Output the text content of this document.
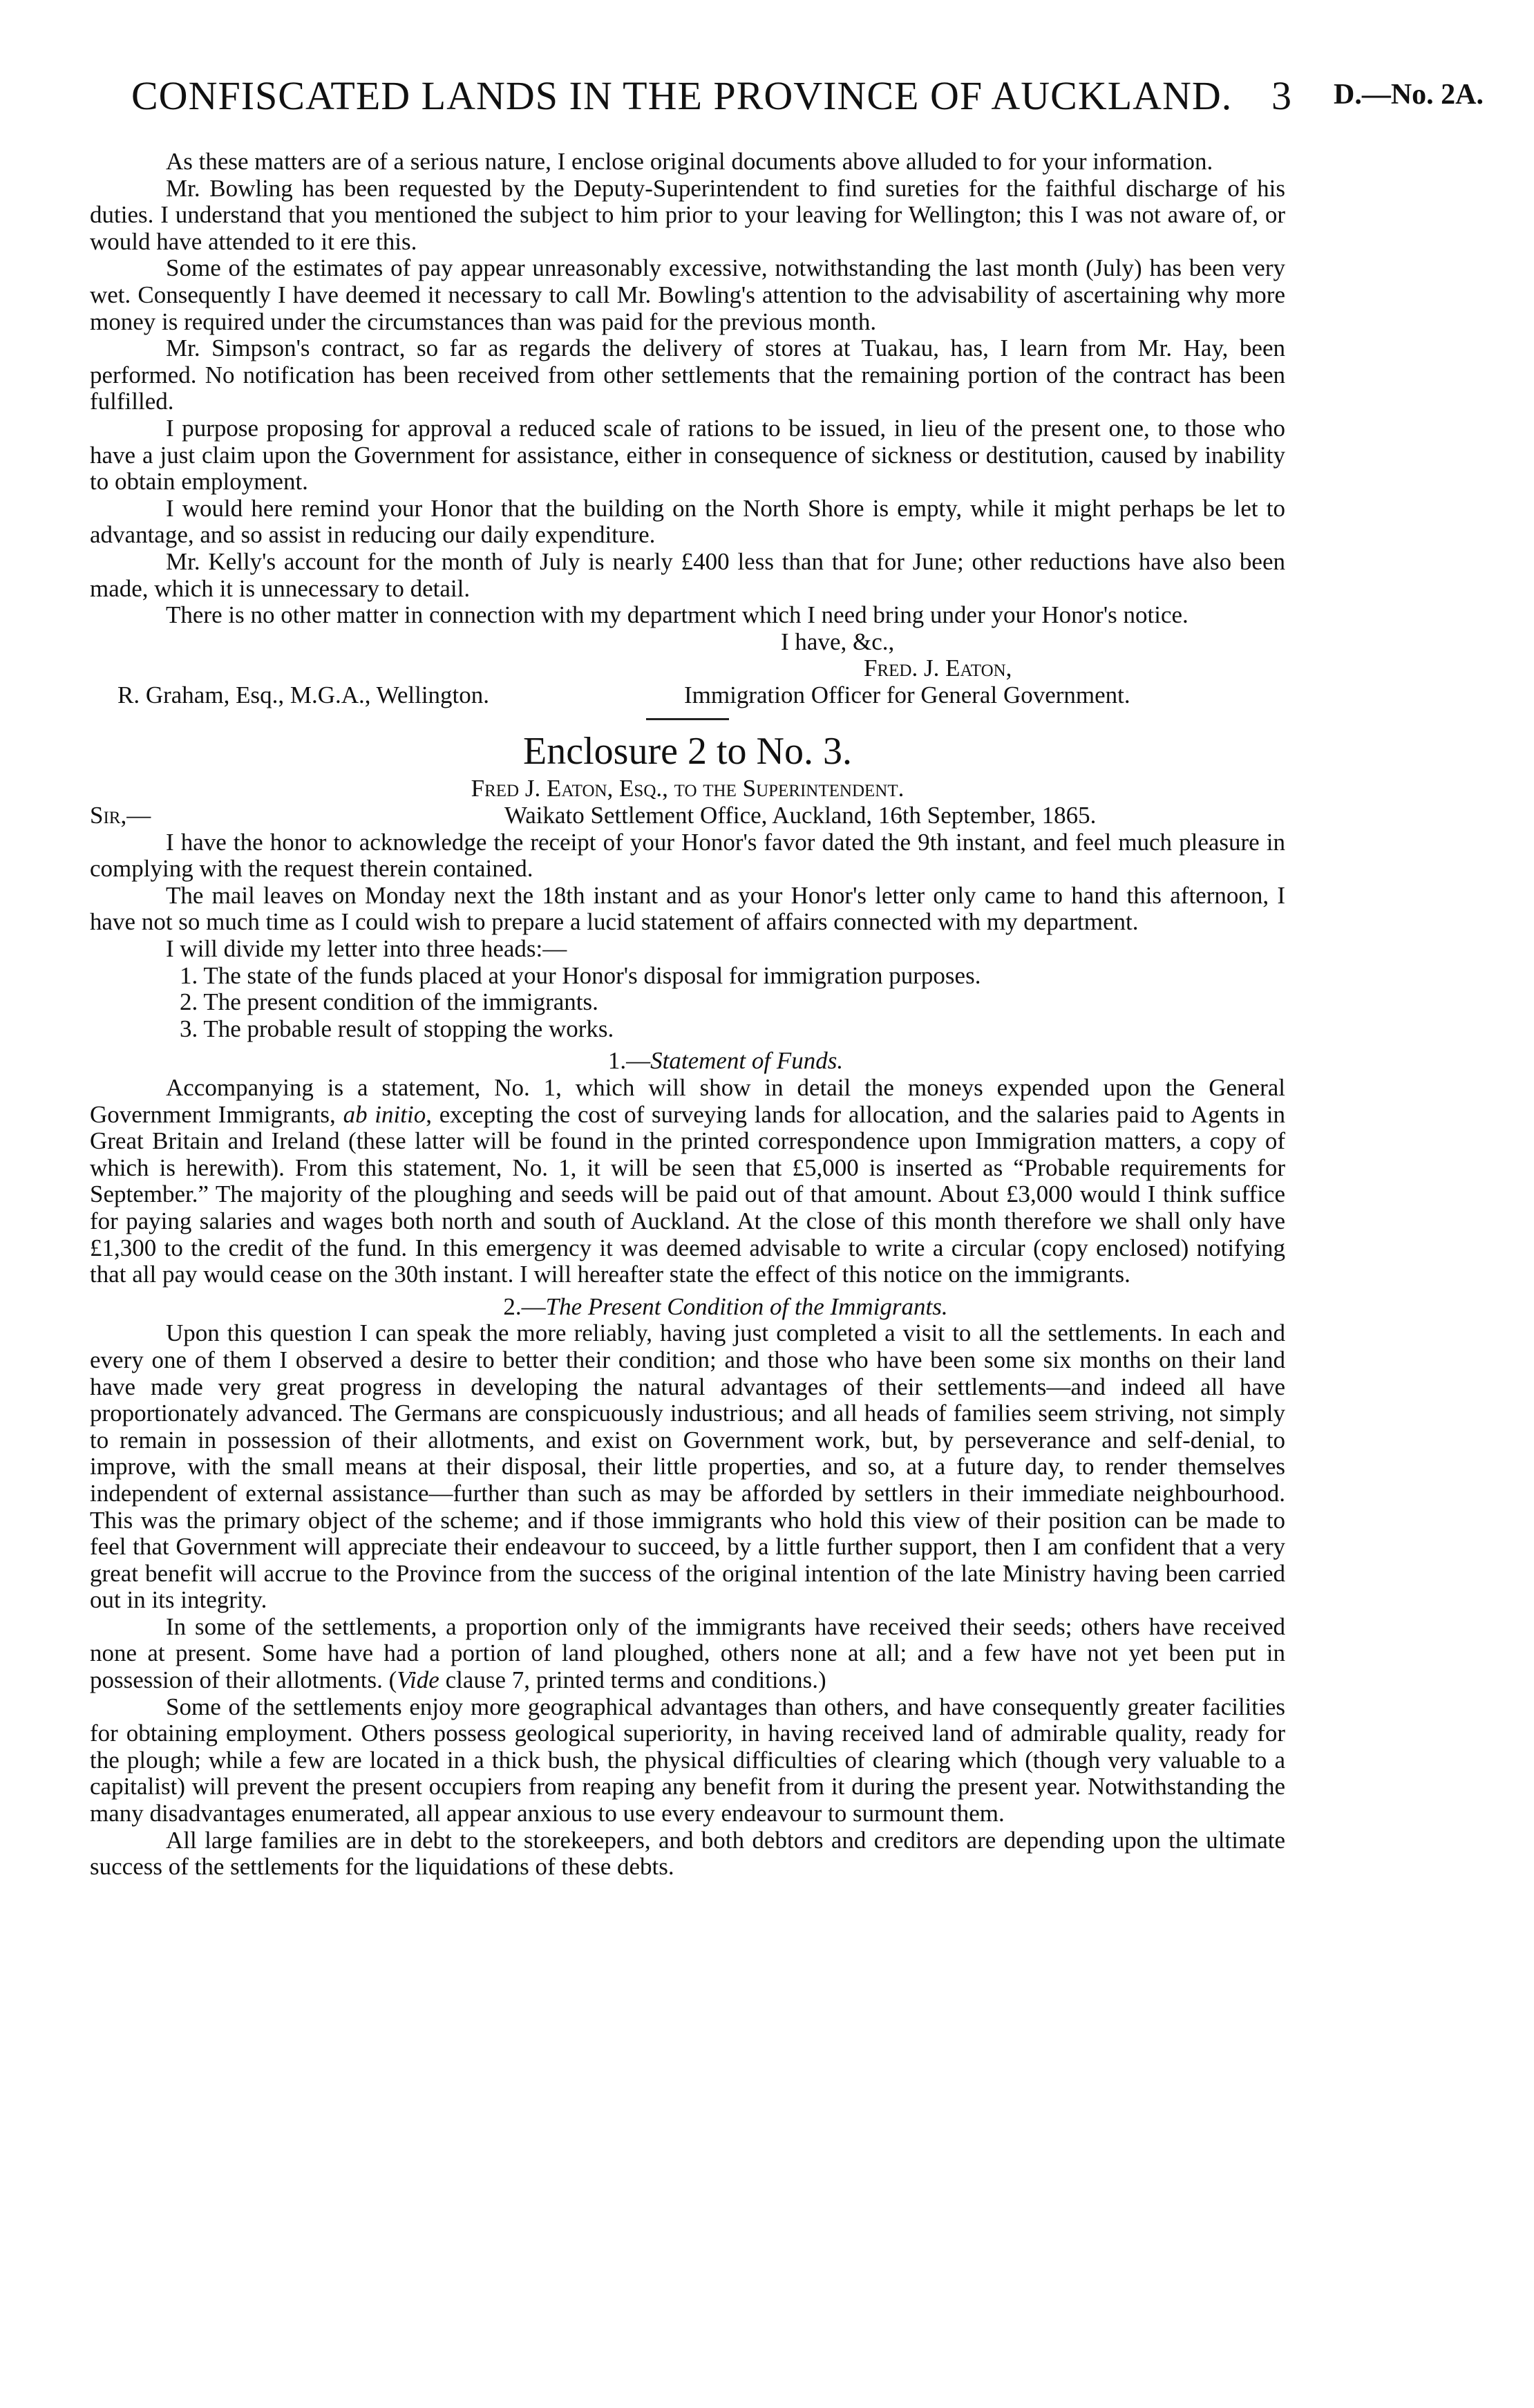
CONFISCATED LANDS IN THE PROVINCE OF AUCKLAND. 3 D.—No. 2A.

As these matters are of a serious nature, I enclose original documents above alluded to for your information.

Mr. Bowling has been requested by the Deputy-Superintendent to find sureties for the faithful discharge of his duties. I understand that you mentioned the subject to him prior to your leaving for Wellington; this I was not aware of, or would have attended to it ere this.

Some of the estimates of pay appear unreasonably excessive, notwithstanding the last month (July) has been very wet. Consequently I have deemed it necessary to call Mr. Bowling's attention to the advisability of ascertaining why more money is required under the circumstances than was paid for the previous month.

Mr. Simpson's contract, so far as regards the delivery of stores at Tuakau, has, I learn from Mr. Hay, been performed. No notification has been received from other settlements that the remaining portion of the contract has been fulfilled.

I purpose proposing for approval a reduced scale of rations to be issued, in lieu of the present one, to those who have a just claim upon the Government for assistance, either in consequence of sickness or destitution, caused by inability to obtain employment.

I would here remind your Honor that the building on the North Shore is empty, while it might perhaps be let to advantage, and so assist in reducing our daily expenditure.

Mr. Kelly's account for the month of July is nearly £400 less than that for June; other reductions have also been made, which it is unnecessary to detail.

There is no other matter in connection with my department which I need bring under your Honor's notice.

I have, &c.,
Fred. J. Eaton,
R. Graham, Esq., M.G.A., Wellington.	Immigration Officer for General Government.
Enclosure 2 to No. 3.

Fred J. Eaton, Esq., to the Superintendent.

Sir,—	Waikato Settlement Office, Auckland, 16th September, 1865.

I have the honor to acknowledge the receipt of your Honor's favor dated the 9th instant, and feel much pleasure in complying with the request therein contained.

The mail leaves on Monday next the 18th instant and as your Honor's letter only came to hand this afternoon, I have not so much time as I could wish to prepare a lucid statement of affairs connected with my department.

I will divide my letter into three heads:—

1. The state of the funds placed at your Honor's disposal for immigration purposes.
2. The present condition of the immigrants.
3. The probable result of stopping the works.

1.—Statement of Funds.

Accompanying is a statement, No. 1, which will show in detail the moneys expended upon the General Government Immigrants, ab initio, excepting the cost of surveying lands for allocation, and the salaries paid to Agents in Great Britain and Ireland (these latter will be found in the printed correspondence upon Immigration matters, a copy of which is herewith). From this statement, No. 1, it will be seen that £5,000 is inserted as “Probable requirements for September.” The majority of the ploughing and seeds will be paid out of that amount. About £3,000 would I think suffice for paying salaries and wages both north and south of Auckland. At the close of this month therefore we shall only have £1,300 to the credit of the fund. In this emergency it was deemed advisable to write a circular (copy enclosed) notifying that all pay would cease on the 30th instant. I will hereafter state the effect of this notice on the immigrants.

2.—The Present Condition of the Immigrants.

Upon this question I can speak the more reliably, having just completed a visit to all the settlements. In each and every one of them I observed a desire to better their condition; and those who have been some six months on their land have made very great progress in developing the natural advantages of their settlements—and indeed all have proportionately advanced. The Germans are conspicuously industrious; and all heads of families seem striving, not simply to remain in possession of their allotments, and exist on Government work, but, by perseverance and self-denial, to improve, with the small means at their disposal, their little properties, and so, at a future day, to render themselves independent of external assistance—further than such as may be afforded by settlers in their immediate neighbourhood. This was the primary object of the scheme; and if those immigrants who hold this view of their position can be made to feel that Government will appreciate their endeavour to succeed, by a little further support, then I am confident that a very great benefit will accrue to the Province from the success of the original intention of the late Ministry having been carried out in its integrity.

In some of the settlements, a proportion only of the immigrants have received their seeds; others have received none at present. Some have had a portion of land ploughed, others none at all; and a few have not yet been put in possession of their allotments. (Vide clause 7, printed terms and conditions.)

Some of the settlements enjoy more geographical advantages than others, and have consequently greater facilities for obtaining employment. Others possess geological superiority, in having received land of admirable quality, ready for the plough; while a few are located in a thick bush, the physical difficulties of clearing which (though very valuable to a capitalist) will prevent the present occupiers from reaping any benefit from it during the present year. Notwithstanding the many disadvantages enumerated, all appear anxious to use every endeavour to surmount them.

All large families are in debt to the storekeepers, and both debtors and creditors are depending upon the ultimate success of the settlements for the liquidations of these debts.
